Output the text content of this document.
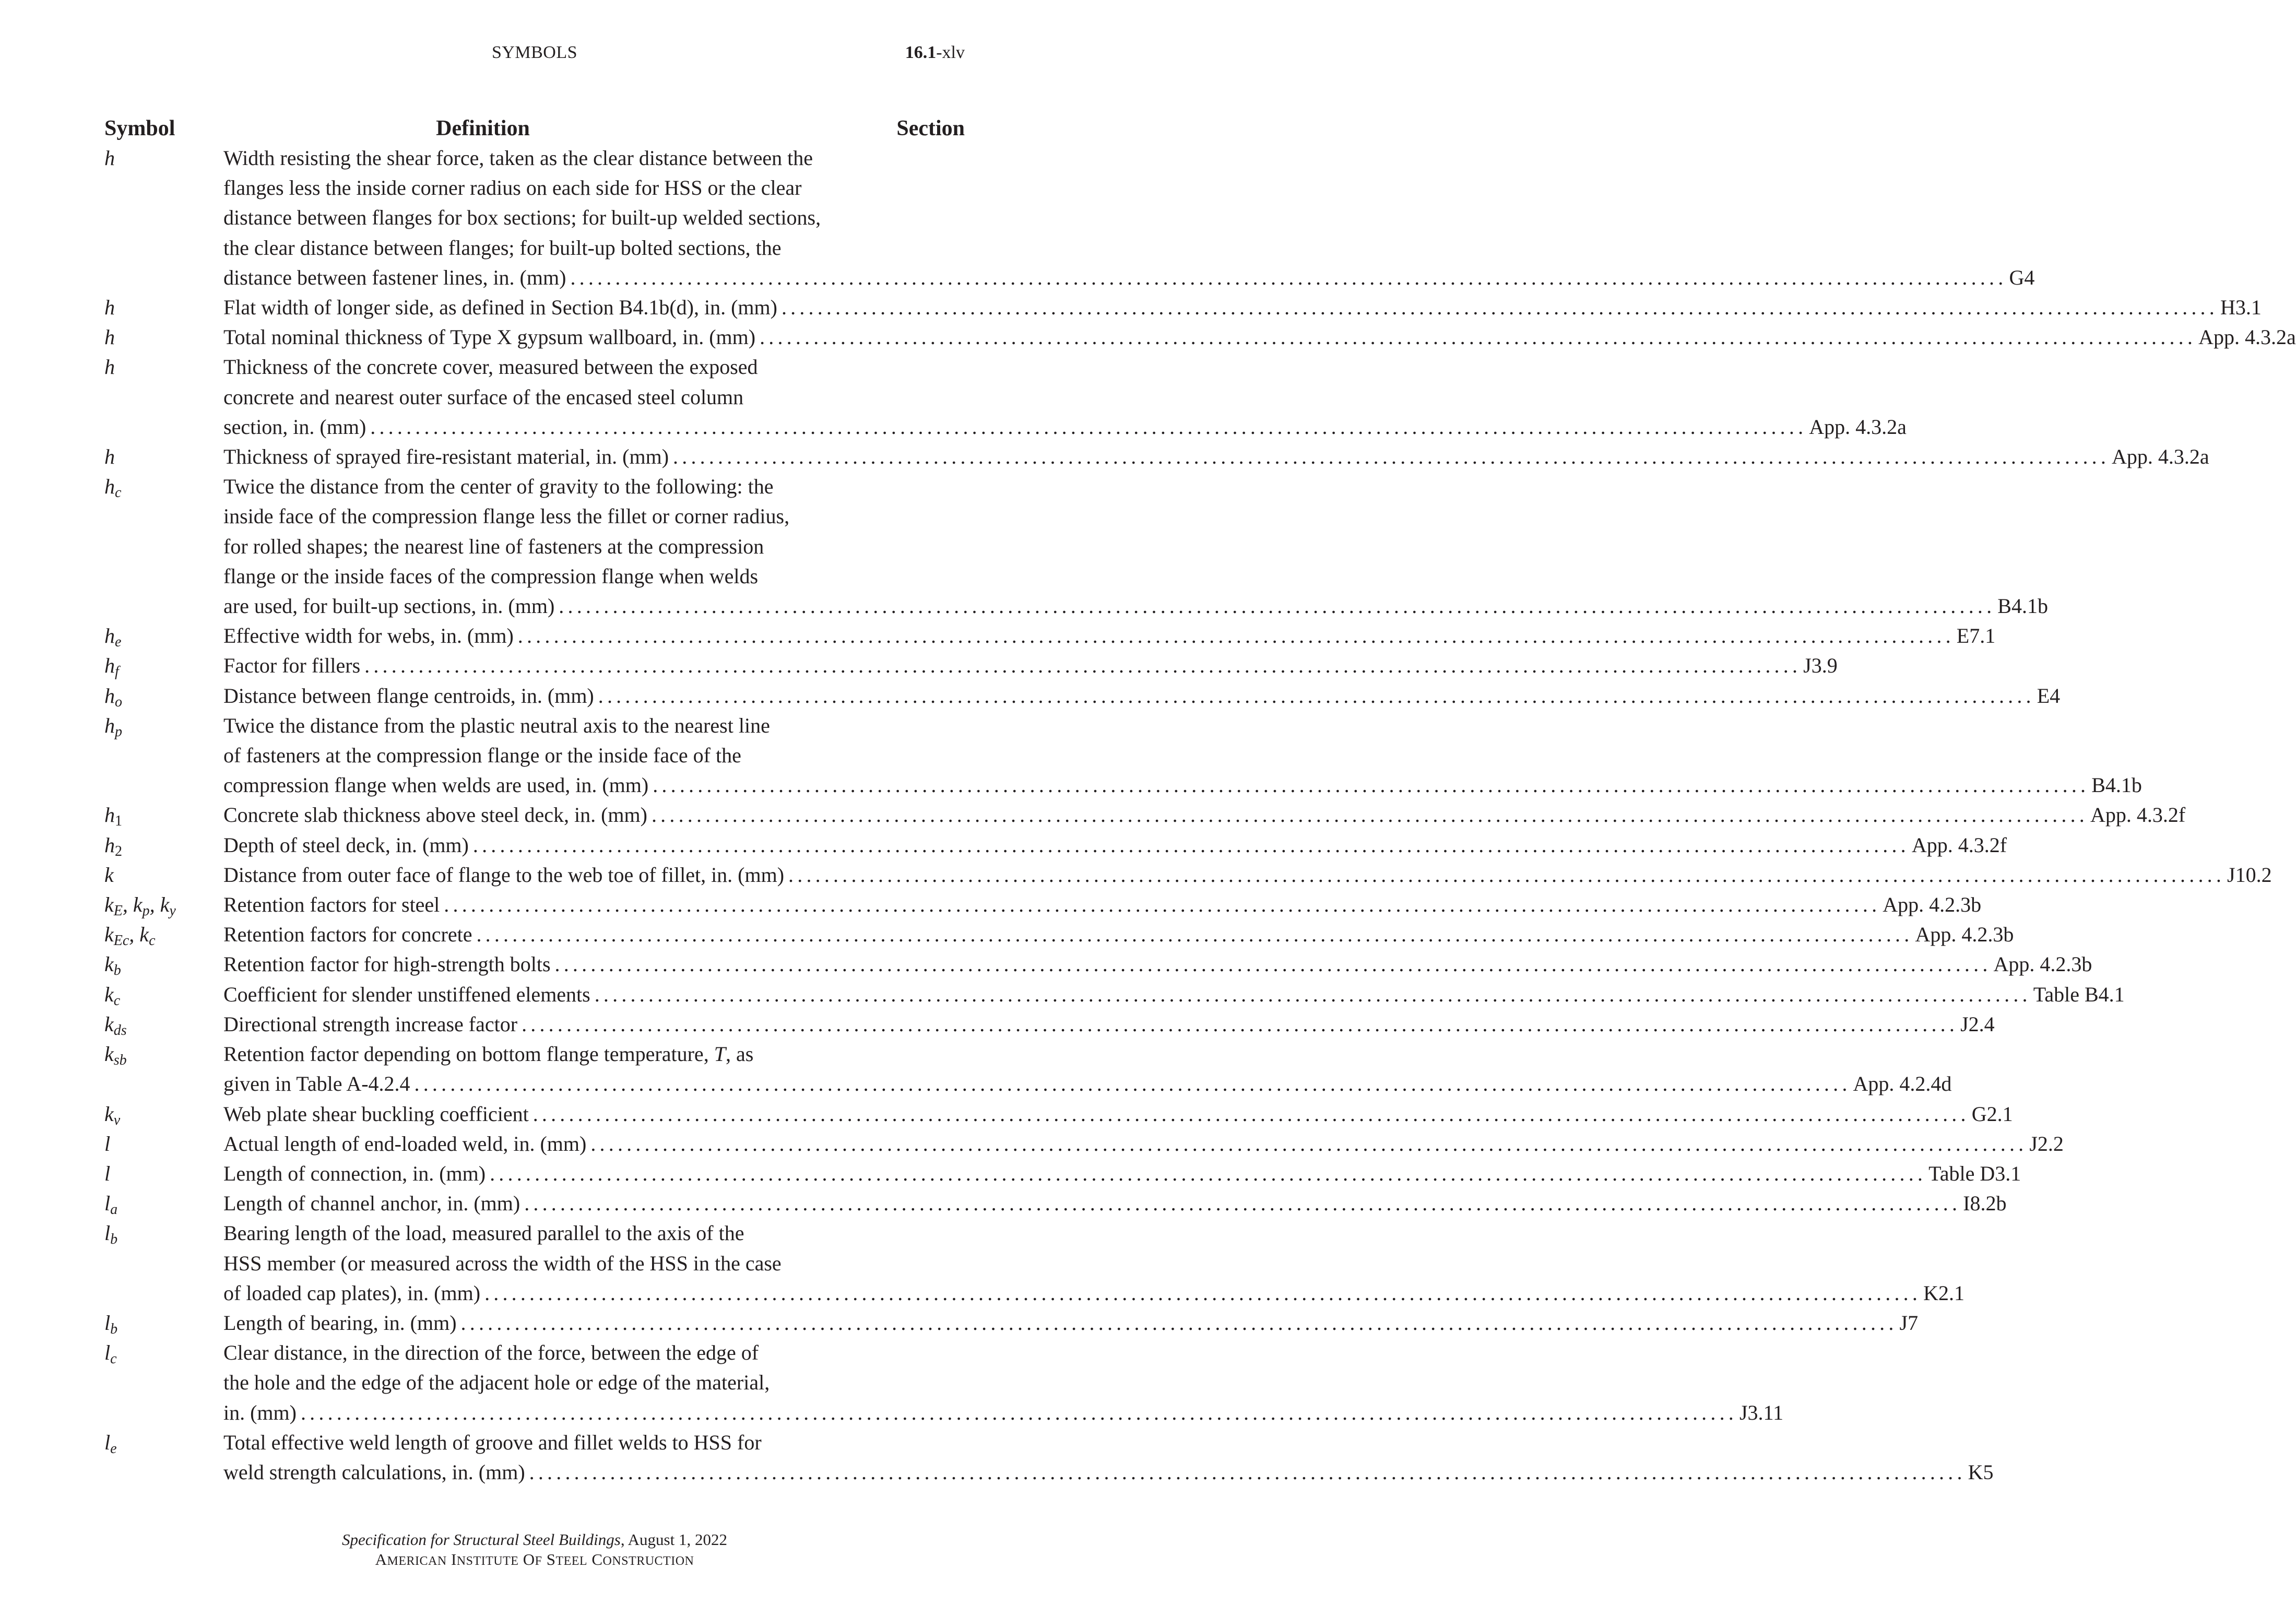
SYMBOLS	16.1-xlv
Symbol	Definition	Section
h	Width resisting the shear force, taken as the clear distance between the
flanges less the inside corner radius on each side for HSS or the clear
distance between flanges for box sections; for built-up welded sections,
the clear distance between flanges; for built-up bolted sections, the
distance between fastener lines, in. (mm) ................................................................................................................................................................ G4
h	Flat width of longer side, as defined in Section B4.1b(d), in. (mm) ................................................................................................................................................................ H3.1
h	Total nominal thickness of Type X gypsum wallboard, in. (mm) ................................................................................................................................................................ App. 4.3.2a
h	Thickness of the concrete cover, measured between the exposed
concrete and nearest outer surface of the encased steel column
section, in. (mm) ................................................................................................................................................................ App. 4.3.2a
h	Thickness of sprayed fire-resistant material, in. (mm) ................................................................................................................................................................ App. 4.3.2a
$h_c$	Twice the distance from the center of gravity to the following: the
inside face of the compression flange less the fillet or corner radius,
for rolled shapes; the nearest line of fasteners at the compression
flange or the inside faces of the compression flange when welds
are used, for built-up sections, in. (mm) ................................................................................................................................................................ B4.1b
$h_e$	Effective width for webs, in. (mm) ................................................................................................................................................................ E7.1
$h_f$	Factor for fillers ................................................................................................................................................................ J3.9
$h_o$	Distance between flange centroids, in. (mm) ................................................................................................................................................................ E4
$h_p$	Twice the distance from the plastic neutral axis to the nearest line
of fasteners at the compression flange or the inside face of the
compression flange when welds are used, in. (mm) ................................................................................................................................................................ B4.1b
h1	Concrete slab thickness above steel deck, in. (mm) ................................................................................................................................................................ App. 4.3.2f
h2	Depth of steel deck, in. (mm) ................................................................................................................................................................ App. 4.3.2f
k	Distance from outer face of flange to the web toe of fillet, in. (mm) ................................................................................................................................................................ J10.2
$k_E$, $k_p$, $k_y$	Retention factors for steel ................................................................................................................................................................ App. 4.2.3b
$k_{Ec}$, $k_c$	Retention factors for concrete ................................................................................................................................................................ App. 4.2.3b
$k_b$	Retention factor for high-strength bolts ................................................................................................................................................................ App. 4.2.3b
$k_c$	Coefficient for slender unstiffened elements ................................................................................................................................................................ Table B4.1
$k_{ds}$	Directional strength increase factor ................................................................................................................................................................ J2.4
$k_{sb}$	Retention factor depending on bottom flange temperature, T, as
given in Table A-4.2.4 ................................................................................................................................................................ App. 4.2.4d
$k_v$	Web plate shear buckling coefficient ................................................................................................................................................................ G2.1
l	Actual length of end-loaded weld, in. (mm) ................................................................................................................................................................ J2.2
l	Length of connection, in. (mm) ................................................................................................................................................................ Table D3.1
$l_a$	Length of channel anchor, in. (mm) ................................................................................................................................................................ I8.2b
$l_b$	Bearing length of the load, measured parallel to the axis of the
HSS member (or measured across the width of the HSS in the case
of loaded cap plates), in. (mm) ................................................................................................................................................................ K2.1
$l_b$	Length of bearing, in. (mm) ................................................................................................................................................................ J7
$l_c$	Clear distance, in the direction of the force, between the edge of
the hole and the edge of the adjacent hole or edge of the material,
in. (mm) ................................................................................................................................................................ J3.11
$l_e$	Total effective weld length of groove and fillet welds to HSS for
weld strength calculations, in. (mm) ................................................................................................................................................................ K5
Specification for Structural Steel Buildings, August 1, 2022
AMERICAN INSTITUTE OF STEEL CONSTRUCTION
